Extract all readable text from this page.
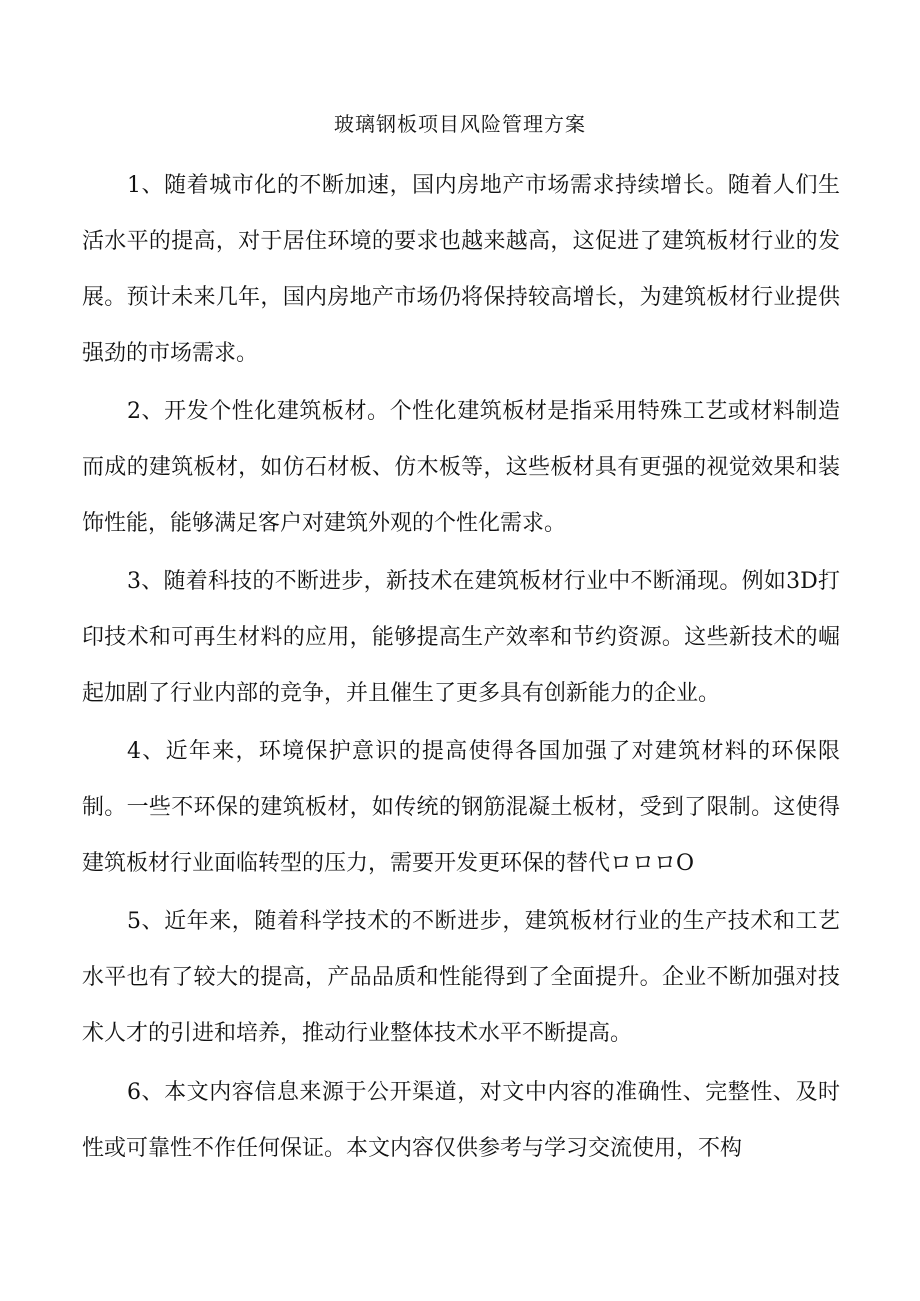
玻璃钢板项目风险管理方案

1、随着城市化的不断加速，国内房地产市场需求持续增长。随着人们生活水平的提高，对于居住环境的要求也越来越高，这促进了建筑板材行业的发展。预计未来几年，国内房地产市场仍将保持较高增长，为建筑板材行业提供强劲的市场需求。

2、开发个性化建筑板材。个性化建筑板材是指采用特殊工艺或材料制造而成的建筑板材，如仿石材板、仿木板等，这些板材具有更强的视觉效果和装饰性能，能够满足客户对建筑外观的个性化需求。

3、随着科技的不断进步，新技术在建筑板材行业中不断涌现。例如3D打印技术和可再生材料的应用，能够提高生产效率和节约资源。这些新技术的崛起加剧了行业内部的竞争，并且催生了更多具有创新能力的企业。

4、近年来，环境保护意识的提高使得各国加强了对建筑材料的环保限制。一些不环保的建筑板材，如传统的钢筋混凝土板材，受到了限制。这使得建筑板材行业面临转型的压力，需要开发更环保的替代ロロロO

5、近年来，随着科学技术的不断进步，建筑板材行业的生产技术和工艺水平也有了较大的提高，产品品质和性能得到了全面提升。企业不断加强对技术人才的引进和培养，推动行业整体技术水平不断提高。

6、本文内容信息来源于公开渠道，对文中内容的准确性、完整性、及时性或可靠性不作任何保证。本文内容仅供参考与学习交流使用，不构
